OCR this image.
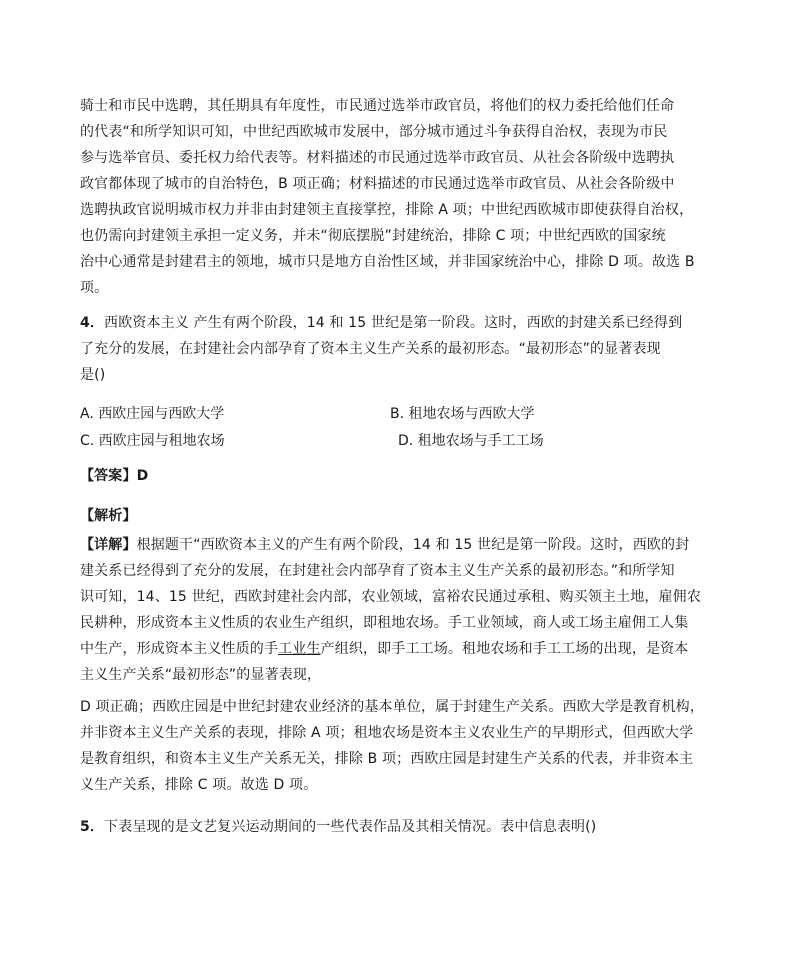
骑士和市民中选聘，其任期具有年度性，市民通过选举市政官员，将他们的权力委托给他们任命
的代表“和所学知识可知，中世纪西欧城市发展中，部分城市通过斗争获得自治权，表现为市民
参与选举官员、委托权力给代表等。材料描述的市民通过选举市政官员、从社会各阶级中选聘执
政官都体现了城市的自治特色，B 项正确；材料描述的市民通过选举市政官员、从社会各阶级中
选聘执政官说明城市权力并非由封建领主直接掌控，排除 A 项；中世纪西欧城市即使获得自治权，
也仍需向封建领主承担一定义务，并未“彻底摆脱”封建统治，排除 C 项；中世纪西欧的国家统
治中心通常是封建君主的领地，城市只是地方自治性区域，并非国家统治中心，排除 D 项。故选 B
项。
4．西欧资本主义 产生有两个阶段，14 和 15 世纪是第一阶段。这时，西欧的封建关系已经得到
了充分的发展，在封建社会内部孕育了资本主义生产关系的最初形态。“最初形态”的显著表现
是()
A. 西欧庄园与西欧大学	B. 租地农场与西欧大学
C. 西欧庄园与租地农场	D. 租地农场与手工工场
【答案】D
【解析】
【详解】根据题干“西欧资本主义的产生有两个阶段，14 和 15 世纪是第一阶段。这时，西欧的封
建关系已经得到了充分的发展，在封建社会内部孕育了资本主义生产关系的最初形态。”和所学知
识可知，14、15 世纪，西欧封建社会内部，农业领域，富裕农民通过承租、购买领主土地，雇佣农
民耕种，形成资本主义性质的农业生产组织，即租地农场。手工业领域，商人或工场主雇佣工人集
中生产，形成资本主义性质的手工业生产组织，即手工工场。租地农场和手工工场的出现，是资本
主义生产关系“最初形态”的显著表现，
D 项正确；西欧庄园是中世纪封建农业经济的基本单位，属于封建生产关系。西欧大学是教育机构，
并非资本主义生产关系的表现，排除 A 项；租地农场是资本主义农业生产的早期形式，但西欧大学
是教育组织，和资本主义生产关系无关，排除 B 项；西欧庄园是封建生产关系的代表，并非资本主
义生产关系，排除 C 项。故选 D 项。
5．下表呈现的是文艺复兴运动期间的一些代表作品及其相关情况。表中信息表明()
